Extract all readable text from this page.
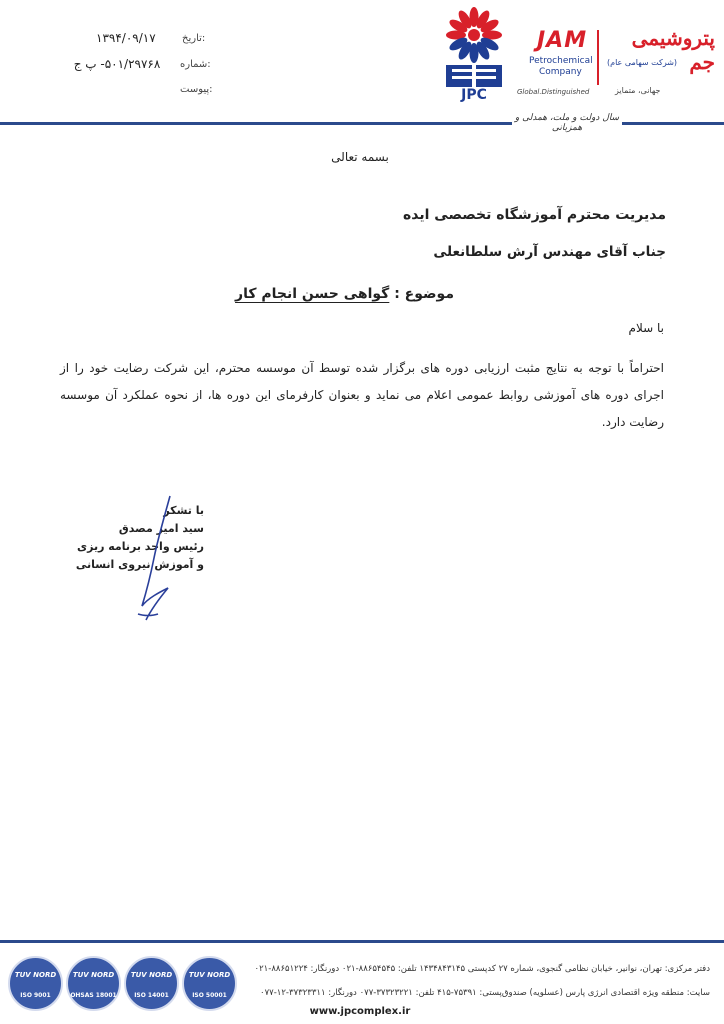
تاریخ:
۱۳۹۴/۰۹/۱۷
شماره:
۵۰۱/۲۹۷۶۸- پ ج
پیوست:	JPC
JAM
Petrochemical
Company
Global.Distinguished
پتروشیمی جم
(شرکت سهامی عام)
جهانی، متمایز
سال دولت و ملت، همدلی و همزبانی
بسمه تعالی
مدیریت محترم آموزشگاه تخصصی ایده
جناب آقای مهندس آرش سلطانعلی
موضوع : گواهی حسن انجام کار
با سلام
احتراماً با توجه به نتایج مثبت ارزیابی دوره های برگزار شده توسط آن موسسه محترم، این شرکت رضایت خود را از اجرای دوره های آموزشی روابط عمومی اعلام می نماید و بعنوان کارفرمای این دوره ها، از نحوه عملکرد آن موسسه رضایت دارد.
با تشکر
سید امیر مصدق
رئیس واحد برنامه ریزی
و آموزش نیروی انسانی
TUV NORD
ISO 9001
TUV NORD
OHSAS 18001
TUV NORD
ISO 14001
TUV NORD
ISO 50001
دفتر مرکزی: تهران، نوانیر، خیابان نظامی گنجوی، شماره ۲۷ کدپستی ۱۴۳۴۸۴۳۱۴۵ تلفن: ۸۸۶۵۴۵۴۵-۰۲۱ دورنگار: ۸۸۶۵۱۲۲۴-۰۲۱
سایت: منطقه ویژه اقتصادی انرژی پارس (عسلویه) صندوق‌پستی: ۷۵۳۹۱-۴۱۵ تلفن: ۳۷۳۲۳۲۲۱-۰۷۷ دورنگار: ۳۷۳۲۳۳۱۱-۱۲-۰۷۷
www.jpcomplex.ir
